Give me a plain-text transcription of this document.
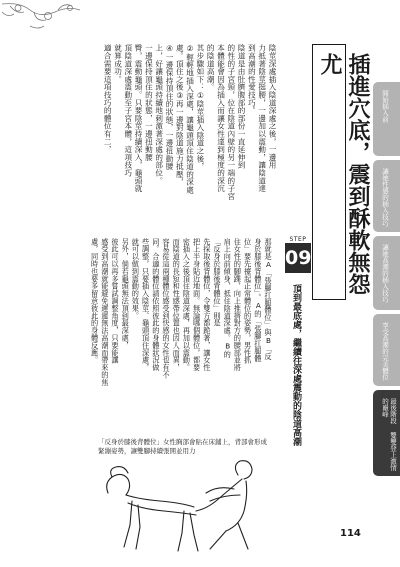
插進穴底，震到酥軟無怨尤
STEP
09
頂到最底處，繼續往深處震動的陰道高潮
陰莖深處插入陰道深處之後，一邊用
力抵著陰莖挺腰，一邊加以震動，讓陰道達
到高潮的性愛技巧。
陰道是由肚臍腹部的部份一直延伸到
的性的子宮頸，位在陰道內壁的另一端的子宮
本體能會因為插入而讓女性達到極度的深沉
的陰道高潮。
其步驟如下：①陰莖插入陰道之後，
②輕輕地插入深處，讓龜頭頂住陰道的深處
處。頂住之後③再一邊對陰道施力抵壓，
④一邊保持頂住的狀態，一邊扭動腰
上，好讓龜頭持續地刺激著深處的部位。
一邊保持頂住的狀態，一邊扭動腰
臀，震動龜頭。只要陰莖持續深入，龜頭就
頂陰道深處震動至子宮本體，這項技巧
就算成功。
適合需要這項技巧的體位有二，
那就是A「張腳扛腿體位」與B「反
身於膝後背體位」。A的「張腳扛腿體
位」要先擡起正常體位的姿勢，男性抓
住女性的腳踝，向上推擠對方的腰部並將
肩上向前傾身，抵住陰道深處。B的
「反身於膝後背體位」則是
先採取後背體位，令雙方都跪著，讓女性
把上半身貼近地面。無論哪個體位，都要
密插入之後頂住陰道深處，再加以震動。
而陰道的長短和性感帶位置也因人而異，
容易從這兩種體位感受到快感的女性也有不
同。合適的體位請依照彼此的身體狀況做
些調整，只要插入陰莖、龜頭頂住深處，
就可以做到震動的效果。
另外，倘若龜頭無法頂到最深處，
彼此可以再多嘗試調整角度，只要能讓
感受到高潮就能避免遲遲無法高潮而帶來的焦
慮，同時也要多留意彼此的身體反應。
「反身於膝後背體位」女性胸部會貼在床鋪上，背部會形成緊繃姿勢，讓雙腳持續張開並用力
114
開始插入前
讓她性感的插入技巧
讓她高潮的插入技巧
享受高潮的完美體位
最後階段 雙雙登上激情的巔峰
